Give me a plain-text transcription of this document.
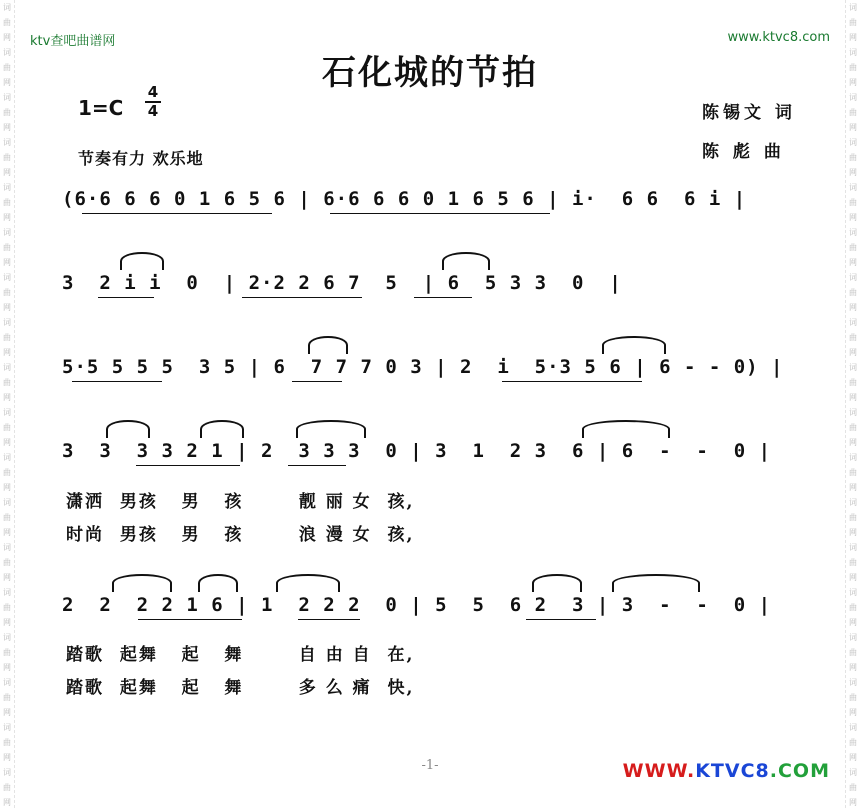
词曲网词曲网词曲网词曲网词曲网词曲网词曲网词曲网词曲网词曲网词曲网词曲网词曲网词曲网词曲网词曲网词曲网词曲网
词曲网词曲网词曲网词曲网词曲网词曲网词曲网词曲网词曲网词曲网词曲网词曲网词曲网词曲网词曲网词曲网词曲网词曲网
ktv查吧曲谱网	www.ktvc8.com
石化城的节拍
1=C
4
4
节奏有力 欢乐地
陈锡文 词
陈 彪 曲
(6·6 6 6 0 1 6 5 6 | 6·6 6 6 0 1 6 5 6 | i·  6 6  6 i |
3  2 i i  0  | 2·2 2 6 7  5  | 6  5 3 3  0  |
5·5 5 5 5  3 5 | 6  7 7 7 0 3 | 2  i  5·3 5 6 | 6 - - 0) |
3  3  3 3 2 1 | 2  3 3 3  0 | 3  1  2 3  6 | 6  -  -  0 |
潇洒  男孩   男   孩       靓 丽 女  孩,
时尚  男孩   男   孩       浪 漫 女  孩,
2  2  2 2 1 6 | 1  2 2 2  0 | 5  5  6 2  3 | 3  -  -  0 |
踏歌  起舞   起   舞       自 由 自  在,
踏歌  起舞   起   舞       多 么 痛  快,
-1-	WWW.KTVC8.COM
